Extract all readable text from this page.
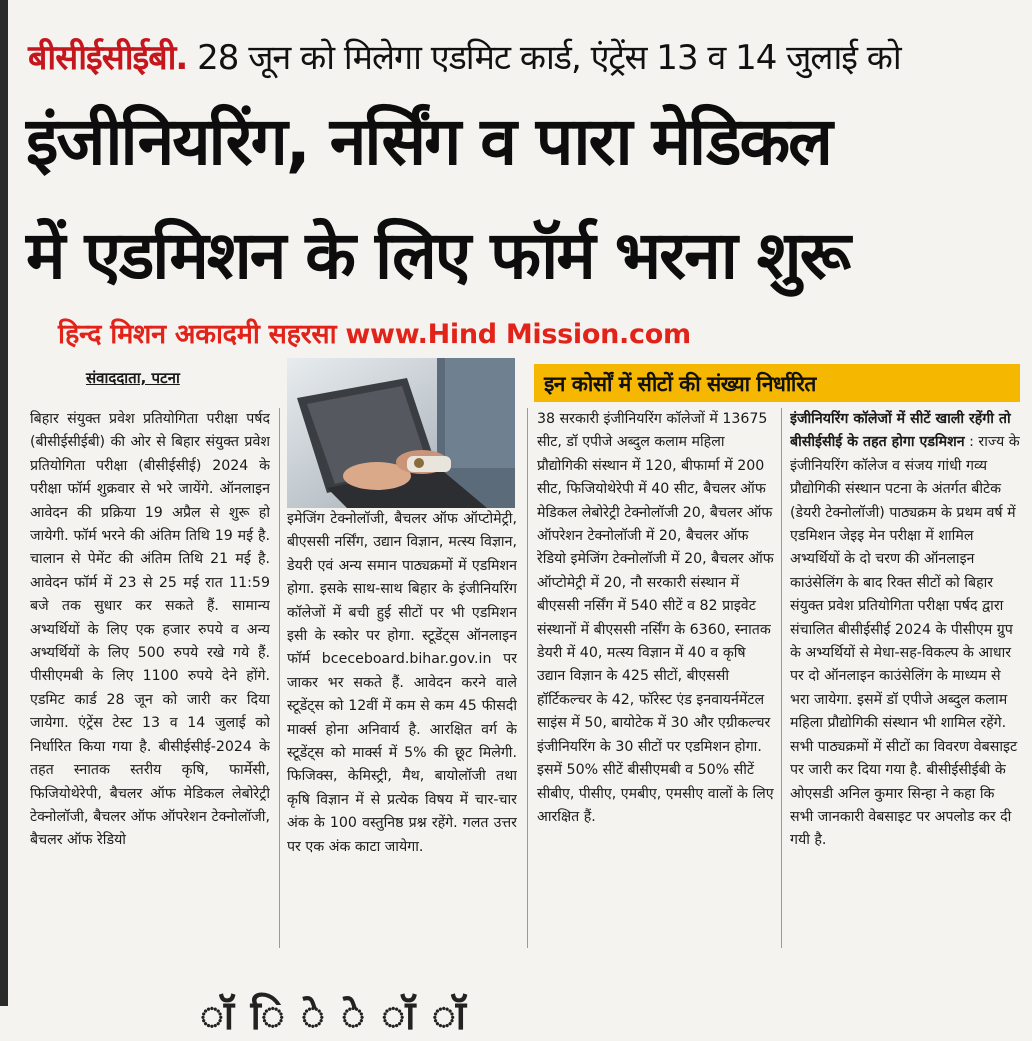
बीसीईसीईबी. 28 जून को मिलेगा एडमिट कार्ड, एंट्रेंस 13 व 14 जुलाई को
इंजीनियरिंग, नर्सिंग व पारा मेडिकल
में एडमिशन के लिए फॉर्म भरना शुरू
हिन्द मिशन अकादमी सहरसा www.Hind Mission.com
संवाददाता, पटना	इन कोर्सों में सीटों की संख्या निर्धारित
बिहार संयुक्त प्रवेश प्रतियोगिता परीक्षा पर्षद (बीसीईसीईबी) की ओर से बिहार संयुक्त प्रवेश प्रतियोगिता परीक्षा (बीसीईसीई) 2024 के परीक्षा फॉर्म शुक्रवार से भरे जायेंगे. ऑनलाइन आवेदन की प्रक्रिया 19 अप्रैल से शुरू हो जायेगी. फॉर्म भरने की अंतिम तिथि 19 मई है. चालान से पेमेंट की अंतिम तिथि 21 मई है. आवेदन फॉर्म में 23 से 25 मई रात 11:59 बजे तक सुधार कर सकते हैं. सामान्य अभ्यर्थियों के लिए एक हजार रुपये व अन्य अभ्यर्थियों के लिए 500 रुपये रखे गये हैं. पीसीएमबी के लिए 1100 रुपये देने होंगे. एडमिट कार्ड 28 जून को जारी कर दिया जायेगा. एंट्रेंस टेस्ट 13 व 14 जुलाई को निर्धारित किया गया है. बीसीईसीई-2024 के तहत स्नातक स्तरीय कृषि, फार्मेसी, फिजियोथेरेपी, बैचलर ऑफ मेडिकल लेबोरेट्री टेक्नोलॉजी, बैचलर ऑफ ऑपरेशन टेक्नोलॉजी, बैचलर ऑफ रेडियो
इमेजिंग टेक्नोलॉजी, बैचलर ऑफ ऑप्टोमेट्री, बीएससी नर्सिंग, उद्यान विज्ञान, मत्स्य विज्ञान, डेयरी एवं अन्य समान पाठ्यक्रमों में एडमिशन होगा. इसके साथ-साथ बिहार के इंजीनियरिंग कॉलेजों में बची हुई सीटों पर भी एडमिशन इसी के स्कोर पर होगा. स्टूडेंट्स ऑनलाइन फॉर्म bceceboard.bihar.gov.in पर जाकर भर सकते हैं. आवेदन करने वाले स्टूडेंट्स को 12वीं में कम से कम 45 फीसदी मार्क्स होना अनिवार्य है. आरक्षित वर्ग के स्टूडेंट्स को मार्क्स में 5% की छूट मिलेगी. फिजिक्स, केमिस्ट्री, मैथ, बायोलॉजी तथा कृषि विज्ञान में से प्रत्येक विषय में चार-चार अंक के 100 वस्तुनिष्ठ प्रश्न रहेंगे. गलत उत्तर पर एक अंक काटा जायेगा.
38 सरकारी इंजीनियरिंग कॉलेजों में 13675 सीट, डॉ एपीजे अब्दुल कलाम महिला प्रौद्योगिकी संस्थान में 120, बीफार्मा में 200 सीट, फिजियोथेरेपी में 40 सीट, बैचलर ऑफ मेडिकल लेबोरेट्री टेक्नोलॉजी 20, बैचलर ऑफ ऑपरेशन टेक्नोलॉजी में 20, बैचलर ऑफ रेडियो इमेजिंग टेक्नोलॉजी में 20, बैचलर ऑफ ऑप्टोमेट्री में 20, नौ सरकारी संस्थान में बीएससी नर्सिंग में 540 सीटें व 82 प्राइवेट संस्थानों में बीएससी नर्सिंग के 6360, स्नातक डेयरी में 40, मत्स्य विज्ञान में 40 व कृषि उद्यान विज्ञान के 425 सीटों, बीएससी हॉर्टिकल्चर के 42, फॉरेस्ट एंड इनवायर्नमेंटल साइंस में 50, बायोटेक में 30 और एग्रीकल्चर इंजीनियरिंग के 30 सीटों पर एडमिशन होगा. इसमें 50% सीटें बीसीएमबी व 50% सीटें सीबीए, पीसीए, एमबीए, एमसीए वालों के लिए आरक्षित हैं.
इंजीनियरिंग कॉलेजों में सीटें खाली रहेंगी तो बीसीईसीई के तहत होगा एडमिशन : राज्य के इंजीनियरिंग कॉलेज व संजय गांधी गव्य प्रौद्योगिकी संस्थान पटना के अंतर्गत बीटेक (डेयरी टेक्नोलॉजी) पाठ्यक्रम के प्रथम वर्ष में एडमिशन जेइइ मेन परीक्षा में शामिल अभ्यर्थियों के दो चरण की ऑनलाइन काउंसेलिंग के बाद रिक्त सीटों को बिहार संयुक्त प्रवेश प्रतियोगिता परीक्षा पर्षद द्वारा संचालित बीसीईसीई 2024 के पीसीएम ग्रुप के अभ्यर्थियों से मेधा-सह-विकल्प के आधार पर दो ऑनलाइन काउंसेलिंग के माध्यम से भरा जायेगा. इसमें डॉ एपीजे अब्दुल कलाम महिला प्रौद्योगिकी संस्थान भी शामिल रहेंगे. सभी पाठ्यक्रमों में सीटों का विवरण वेबसाइट पर जारी कर दिया गया है. बीसीईसीईबी के ओएसडी अनिल कुमार सिन्हा ने कहा कि सभी जानकारी वेबसाइट पर अपलोड कर दी गयी है.
ॉ ि े े ॉ ॉ
